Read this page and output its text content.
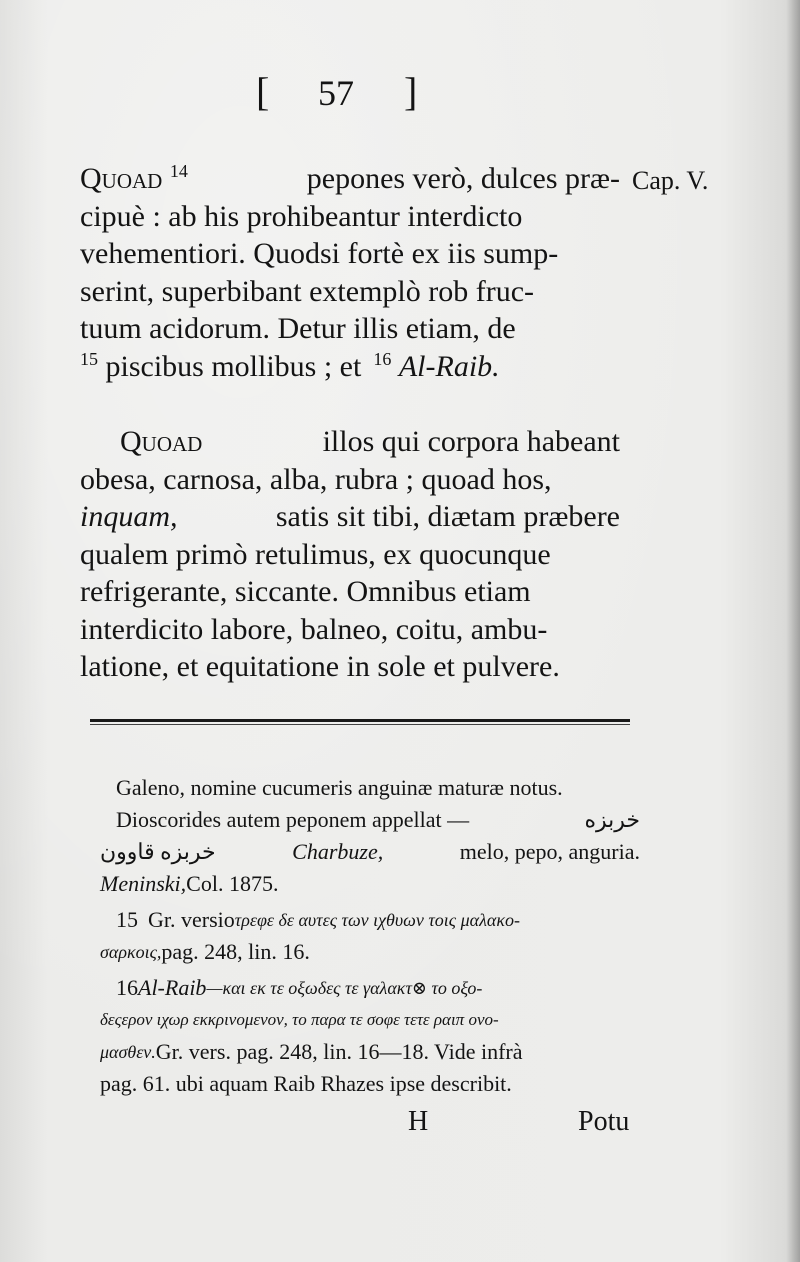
[ 57 ]
Cap. V.
Quoad $^{14}$	pepones verò, dulces præ-
cipuè : ab his prohibeantur interdicto
vehementiori. Quodsi fortè ex iis sump-
serint, superbibant extemplò rob fruc-
tuum acidorum. Detur illis etiam, de
$^{15}$ piscibus mollibus ; et $^{16}$ Al-Raib.
Quoad	illos qui corpora habeant
obesa, carnosa, alba, rubra ; quoad hos,
inquam,	satis sit tibi, diætam præbere
qualem primò retulimus, ex quocunque
refrigerante, siccante. Omnibus etiam
interdicito labore, balneo, coitu, ambu-
latione, et equitatione in sole et pulvere.
Galeno, nomine cucumeris anguinæ maturæ notus.
Dioscorides autem peponem appellat —	خربزه
خربزه قاوون	Charbuze,	melo, pepo, anguria.
Meninski, Col. 1875.
15 Gr. versio τρεφε δε αυτες των ιχθυων τοις μαλακο-
σαρκοις, pag. 248, lin. 16.
16 Al-Raib —και εκ τε οξωδες τε γαλακτ⊗ το οξο-
δεςερον ιχωρ εκκρινομενον, το παρα τε σοφε τετε ραιπ ονο-
μασθεν. Gr. vers. pag. 248, lin. 16—18. Vide infrà
pag. 61. ubi aquam Raib Rhazes ipse describit.
H	Potu
